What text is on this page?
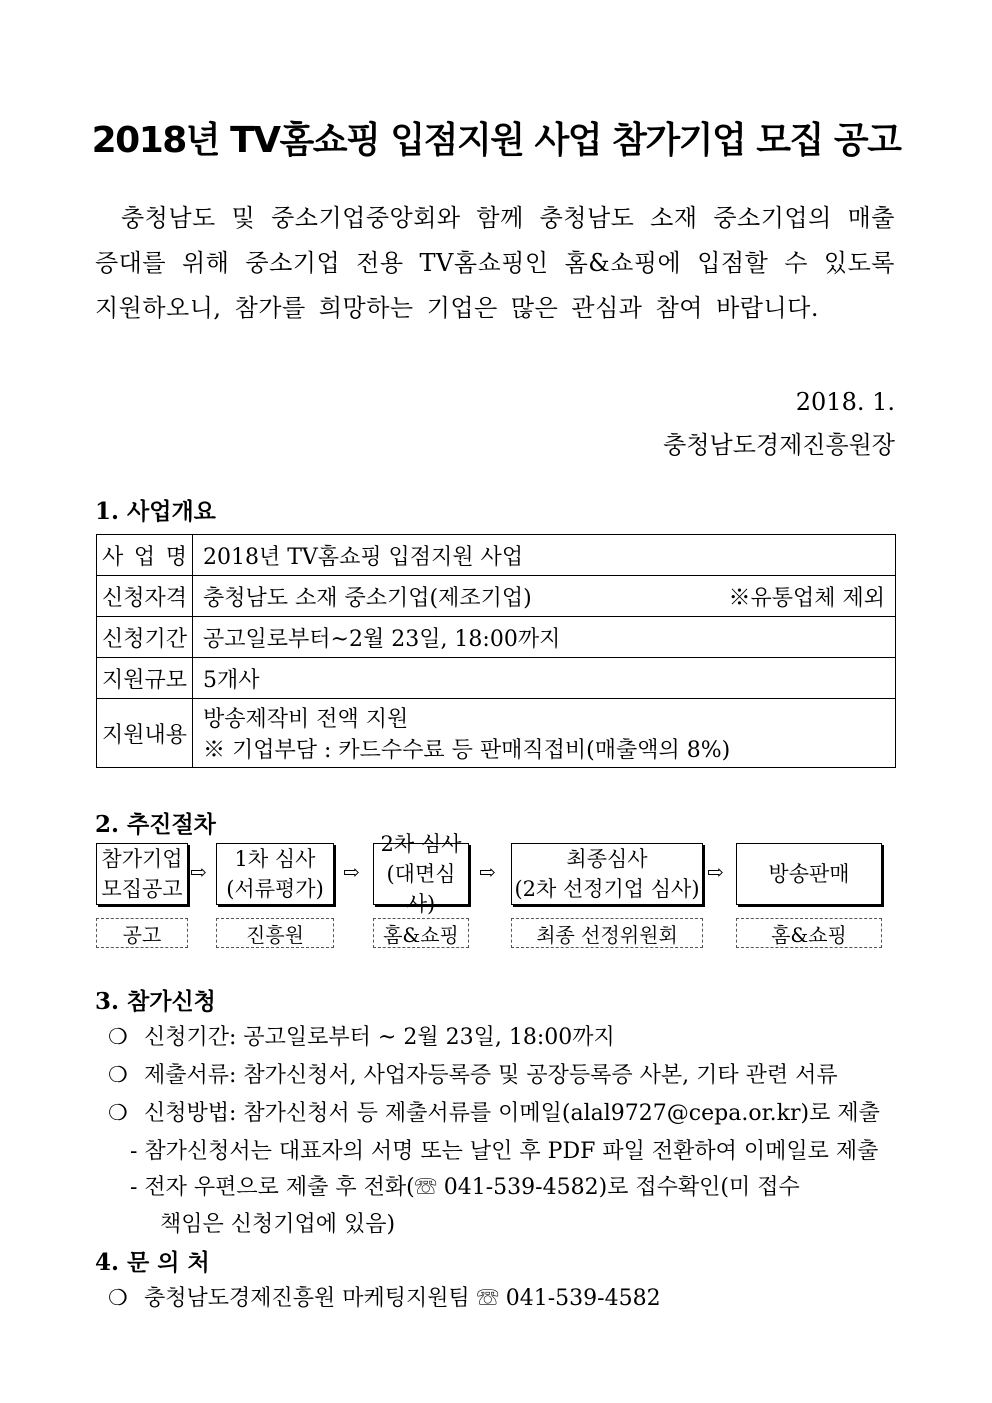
2018년 TV홈쇼핑 입점지원 사업 참가기업 모집 공고
충청남도 및 중소기업중앙회와 함께 충청남도 소재 중소기업의 매출 증대를 위해 중소기업 전용 TV홈쇼핑인 홈&쇼핑에 입점할 수 있도록 지원하오니, 참가를 희망하는 기업은 많은 관심과 참여 바랍니다.
2018. 1.
충청남도경제진흥원장
1. 사업개요
사 업 명	2018년 TV홈쇼핑 입점지원 사업
신청자격	충청남도 소재 중소기업(제조기업) ※유통업체 제외

신청기간	공고일로부터~2월 23일, 18:00까지
지원규모	5개사
지원내용	방송제작비 전액 지원
※ 기업부담 : 카드수수료 등 판매직접비(매출액의 8%)
2. 추진절차
참가기업
모집공고
⇨
1차 심사
(서류평가)
⇨
2차 심사
(대면심사)
⇨
최종심사
(2차 선정기업 심사)
⇨ 방송판매
공고	진흥원	홈&쇼핑	최종 선정위원회	홈&쇼핑
3. 참가신청
❍ 신청기간: 공고일로부터 ~ 2월 23일, 18:00까지
❍ 제출서류: 참가신청서, 사업자등록증 및 공장등록증 사본, 기타 관련 서류
❍ 신청방법: 참가신청서 등 제출서류를 이메일(alal9727@cepa.or.kr)로 제출
- 참가신청서는 대표자의 서명 또는 날인 후 PDF 파일 전환하여 이메일로 제출
- 전자 우편으로 제출 후 전화(☏ 041-539-4582)로 접수확인(미 접수
책임은 신청기업에 있음)
4. 문 의 처
❍ 충청남도경제진흥원 마케팅지원팀 ☏ 041-539-4582
